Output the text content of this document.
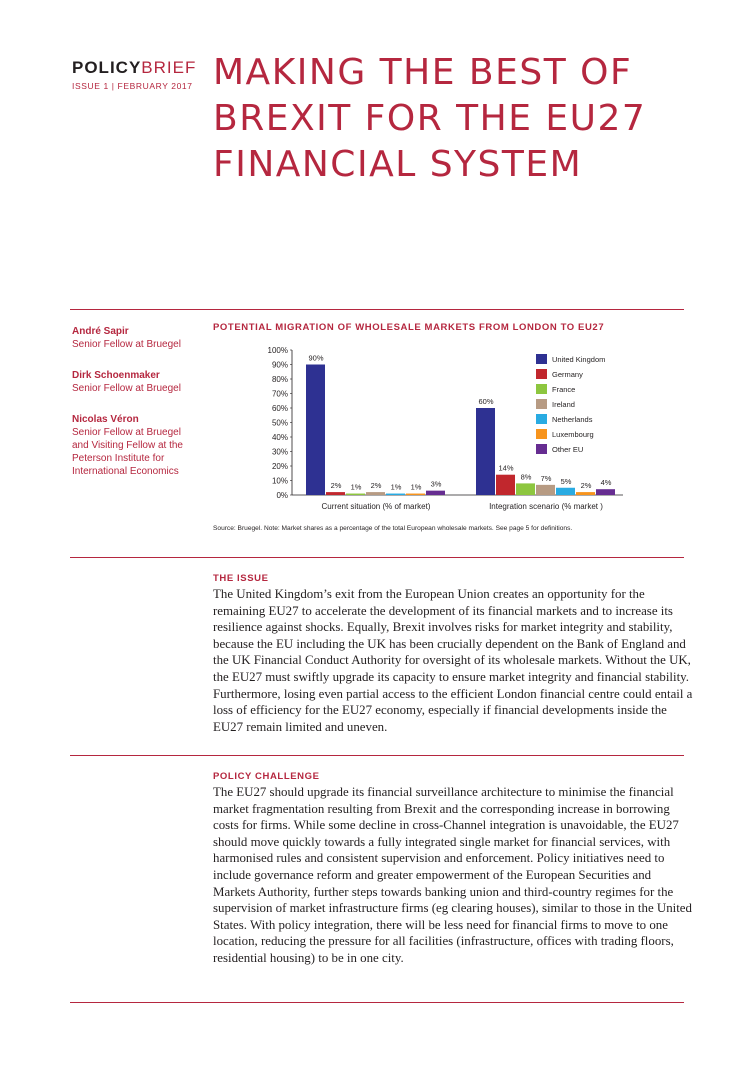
POLICYBRIEF
ISSUE 1 | FEBRUARY 2017 MAKING THE BEST OF BREXIT FOR THE EU27 FINANCIAL SYSTEM
André Sapir
Senior Fellow at Bruegel
Dirk Schoenmaker
Senior Fellow at Bruegel
Nicolas Véron
Senior Fellow at Bruegel and Visiting Fellow at the Peterson Institute for International Economics
POTENTIAL MIGRATION OF WHOLESALE MARKETS FROM LONDON TO EU27
0%
10%
20%
30%
40%
50%
60%
70%
80%
90%
100%
90%
2% 1% 2% 1% 1% 3%
Current situation (% of market)
60%
14%
8% 7% 5% 2% 4%
Integration scenario (% market )
United Kingdom
Germany
France
Ireland
Netherlands
Luxembourg
Other EU
Source: Bruegel. Note: Market shares as a percentage of the total European wholesale markets. See page 5 for definitions.
THE ISSUE

The United Kingdom’s exit from the European Union creates an opportunity for the remaining EU27 to accelerate the development of its financial markets and to increase its resilience against shocks. Equally, Brexit involves risks for market integrity and stability, because the EU including the UK has been crucially dependent on the Bank of England and the UK Financial Conduct Authority for oversight of its wholesale markets. Without the UK, the EU27 must swiftly upgrade its capacity to ensure market integrity and financial stability. Furthermore, losing even partial access to the efficient London financial centre could entail a loss of efficiency for the EU27 economy, especially if financial developments inside the EU27 remain limited and uneven.

POLICY CHALLENGE

The EU27 should upgrade its financial surveillance architecture to minimise the financial market fragmentation resulting from Brexit and the corresponding increase in borrowing costs for firms. While some decline in cross-Channel integration is unavoidable, the EU27 should move quickly towards a fully integrated single market for financial services, with harmonised rules and consistent supervision and enforcement. Policy initiatives need to include governance reform and greater empowerment of the European Securities and Markets Authority, further steps towards banking union and third-country regimes for the supervision of market infrastructure firms (eg clearing houses), similar to those in the United States. With policy integration, there will be less need for financial firms to move to one location, reducing the pressure for all facilities (infrastructure, offices with trading floors, residential housing) to be in one city.
